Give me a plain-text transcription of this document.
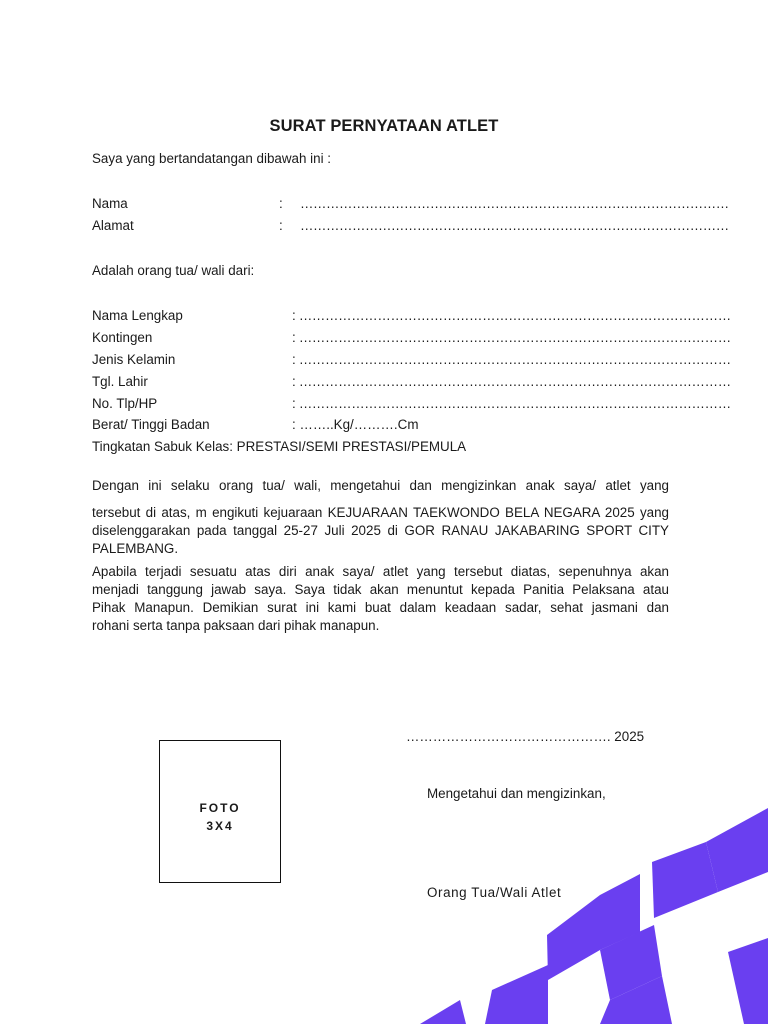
SURAT PERNYATAAN ATLET
Saya yang bertandatangan dibawah ini :
Nama	: ………………………………………………………………………………………
Alamat	: ………………………………………………………………………………………
Adalah orang tua/ wali dari:
Nama Lengkap	: ………………………………………………………………………………………
Kontingen	: ………………………………………………………………………………………
Jenis Kelamin	: ………………………………………………………………………………………
Tgl. Lahir	: ………………………………………………………………………………………
No. Tlp/HP	: ………………………………………………………………………………………
Berat/ Tinggi Badan	: ……..Kg/……….Cm
Tingkatan Sabuk Kelas: PRESTASI/SEMI PRESTASI/PEMULA
Dengan ini selaku orang tua/ wali, mengetahui dan mengizinkan anak saya/ atlet yang
tersebut di atas, m engikuti kejuaraan KEJUARAAN TAEKWONDO BELA NEGARA 2025 yang
diselenggarakan pada tanggal 25-27 Juli 2025 di GOR RANAU JAKABARING SPORT CITY
PALEMBANG.
Apabila terjadi sesuatu atas diri anak saya/ atlet yang tersebut diatas, sepenuhnya akan
menjadi tanggung jawab saya. Saya tidak akan menuntut kepada Panitia Pelaksana atau
Pihak Manapun. Demikian surat ini kami buat dalam keadaan sadar, sehat jasmani dan
rohani serta tanpa paksaan dari pihak manapun.
FOTO
3X4
………………………………………. 2025
Mengetahui dan mengizinkan,
Orang Tua/Wali Atlet
